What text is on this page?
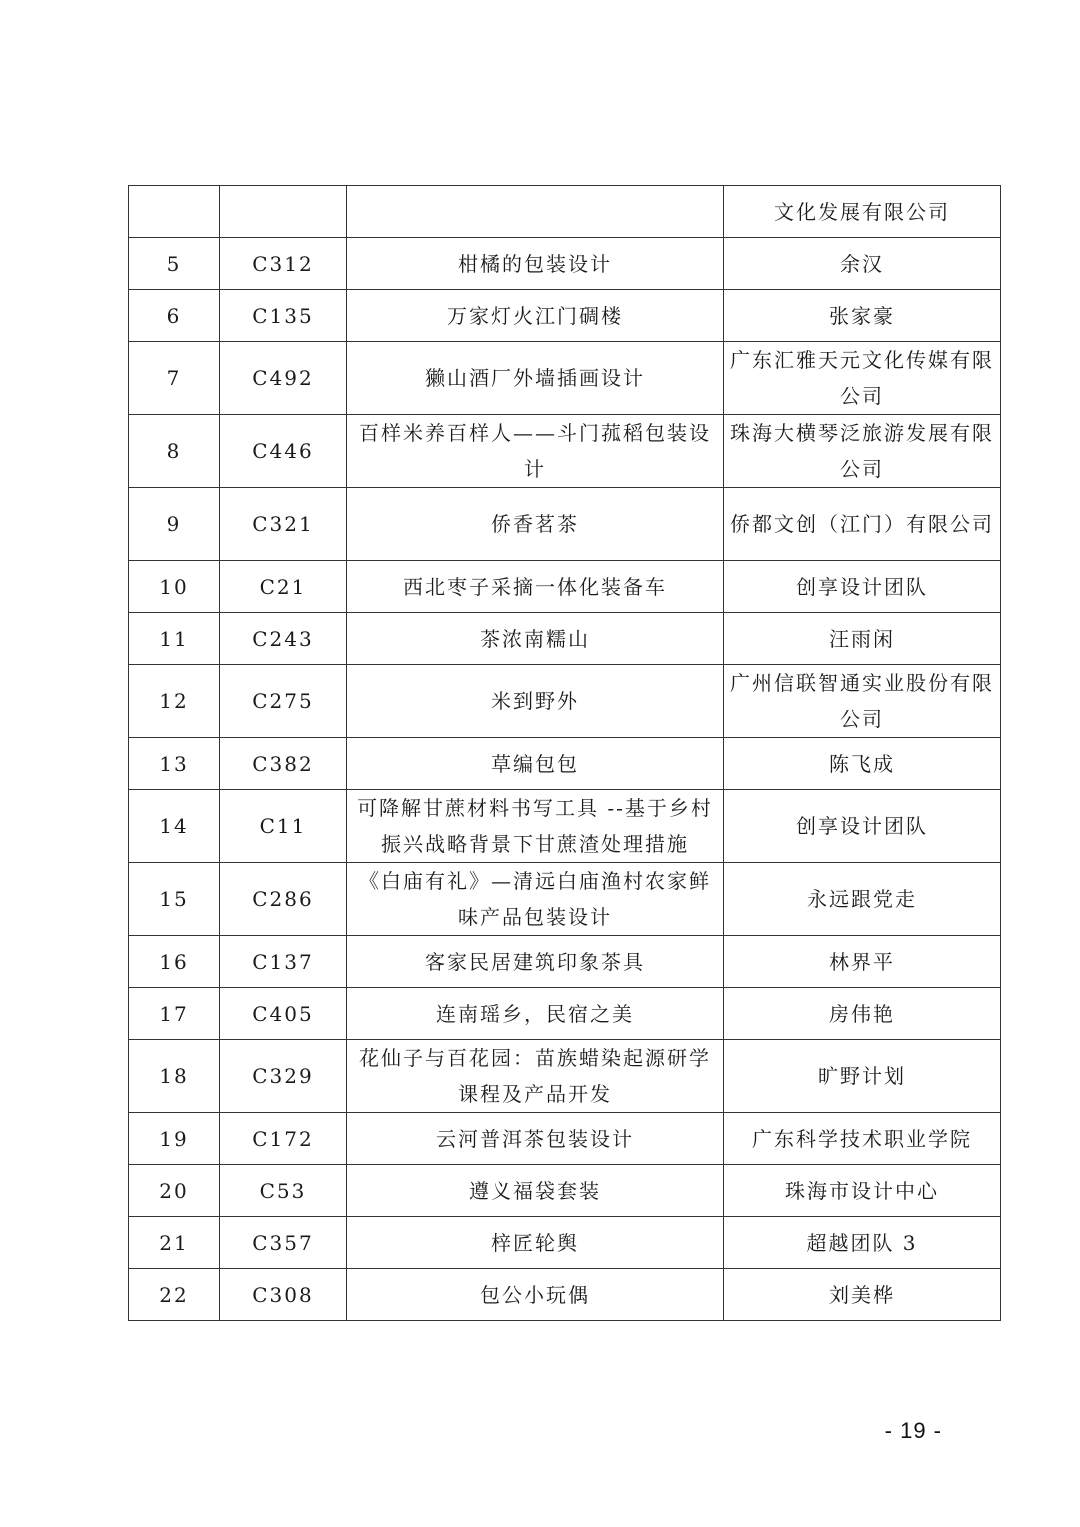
			文化发展有限公司
5	C312	柑橘的包装设计	余汉
6	C135	万家灯火江门碉楼	张家豪
7	C492	獭山酒厂外墙插画设计	广东汇雅天元文化传媒有限公司
8	C446	百样米养百样人——斗门菰稻包装设计	珠海大横琴泛旅游发展有限公司
9	C321	侨香茗茶	侨都文创（江门）有限公司
10	C21	西北枣子采摘一体化装备车	创享设计团队
11	C243	茶浓南糯山	汪雨闲
12	C275	米到野外	广州信联智通实业股份有限公司
13	C382	草编包包	陈飞成
14	C11	可降解甘蔗材料书写工具 --基于乡村振兴战略背景下甘蔗渣处理措施	创享设计团队
15	C286	《白庙有礼》—清远白庙渔村农家鲜味产品包装设计	永远跟党走
16	C137	客家民居建筑印象茶具	林界平
17	C405	连南瑶乡，民宿之美	房伟艳
18	C329	花仙子与百花园：苗族蜡染起源研学课程及产品开发	旷野计划
19	C172	云河普洱茶包装设计	广东科学技术职业学院
20	C53	遵义福袋套装	珠海市设计中心
21	C357	梓匠轮舆	超越团队 3
22	C308	包公小玩偶	刘美桦
- 19 -
